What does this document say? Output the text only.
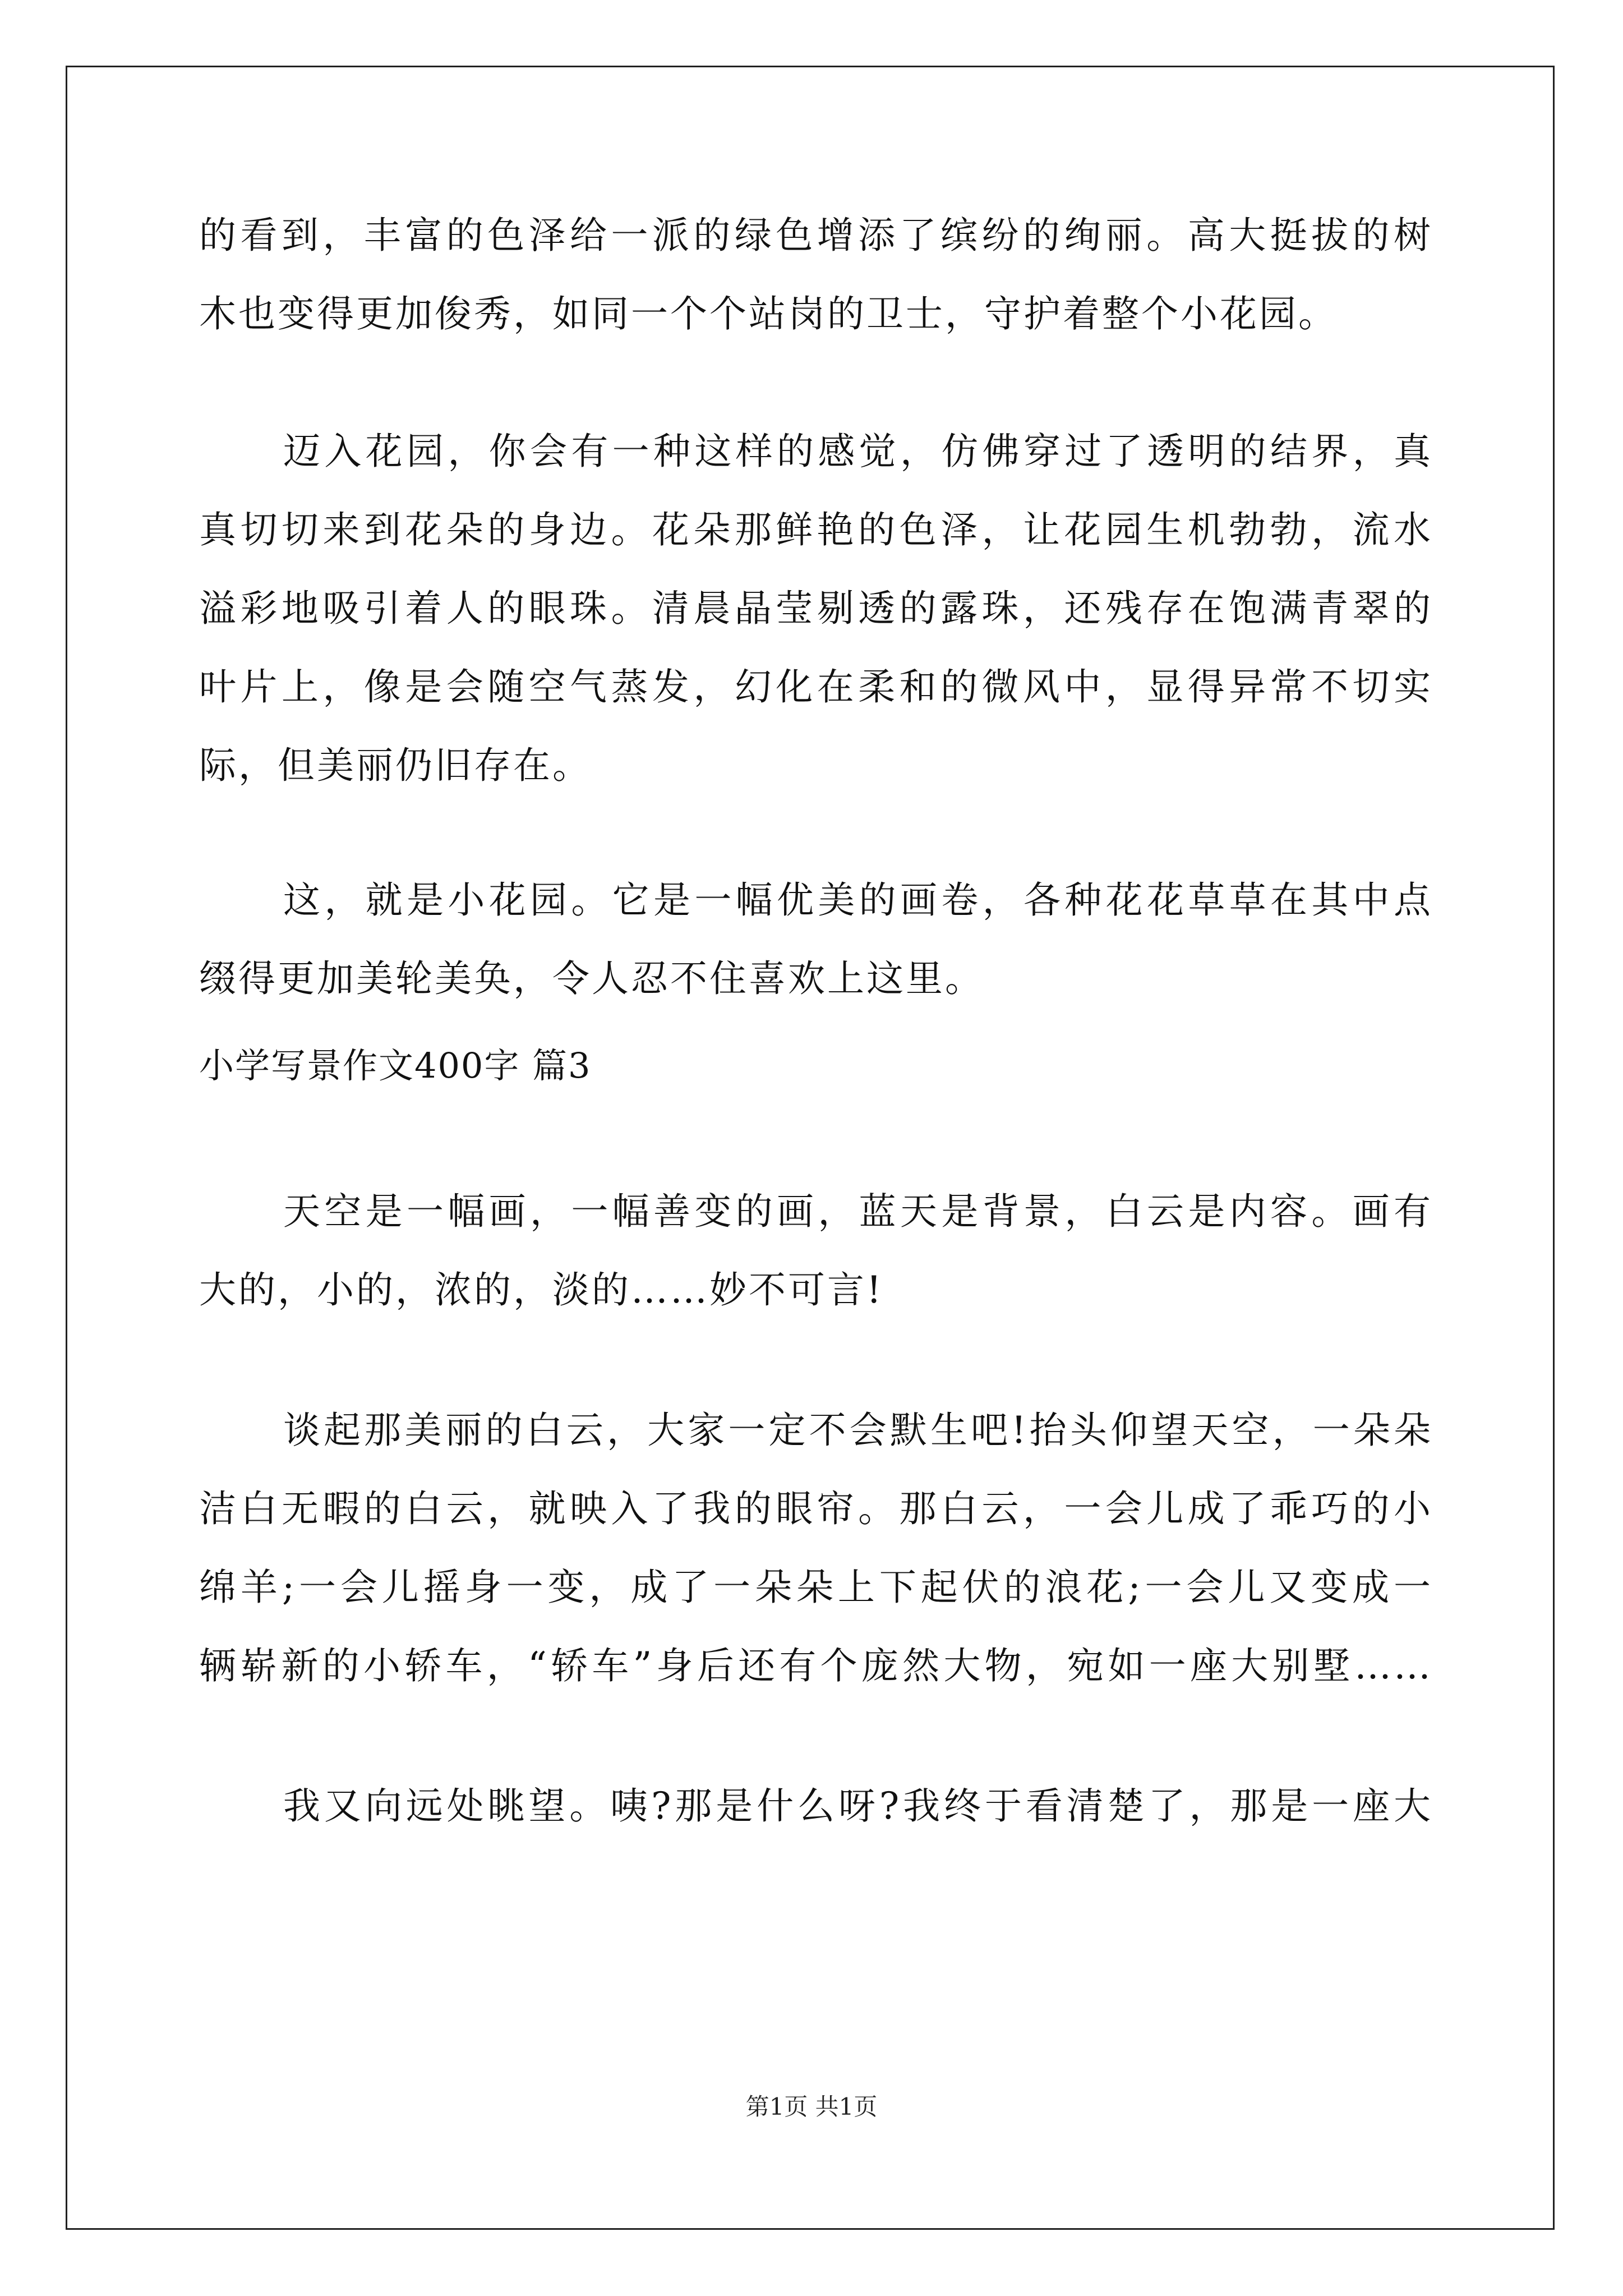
的看到，丰富的色泽给一派的绿色增添了缤纷的绚丽。高大挺拔的树
木也变得更加俊秀，如同一个个站岗的卫士，守护着整个小花园。
迈入花园，你会有一种这样的感觉，仿佛穿过了透明的结界，真
真切切来到花朵的身边。花朵那鲜艳的色泽，让花园生机勃勃，流水
溢彩地吸引着人的眼珠。清晨晶莹剔透的露珠，还残存在饱满青翠的
叶片上，像是会随空气蒸发，幻化在柔和的微风中，显得异常不切实
际，但美丽仍旧存在。
这，就是小花园。它是一幅优美的画卷，各种花花草草在其中点
缀得更加美轮美奂，令人忍不住喜欢上这里。
小学写景作文400字 篇3
天空是一幅画，一幅善变的画，蓝天是背景，白云是内容。画有
大的，小的，浓的，淡的……妙不可言!
谈起那美丽的白云，大家一定不会默生吧!抬头仰望天空，一朵朵
洁白无暇的白云，就映入了我的眼帘。那白云，一会儿成了乖巧的小
绵羊;一会儿摇身一变，成了一朵朵上下起伏的浪花;一会儿又变成一
辆崭新的小轿车，“轿车”身后还有个庞然大物，宛如一座大别墅……
我又向远处眺望。咦?那是什么呀?我终于看清楚了，那是一座大
第1页 共1页
